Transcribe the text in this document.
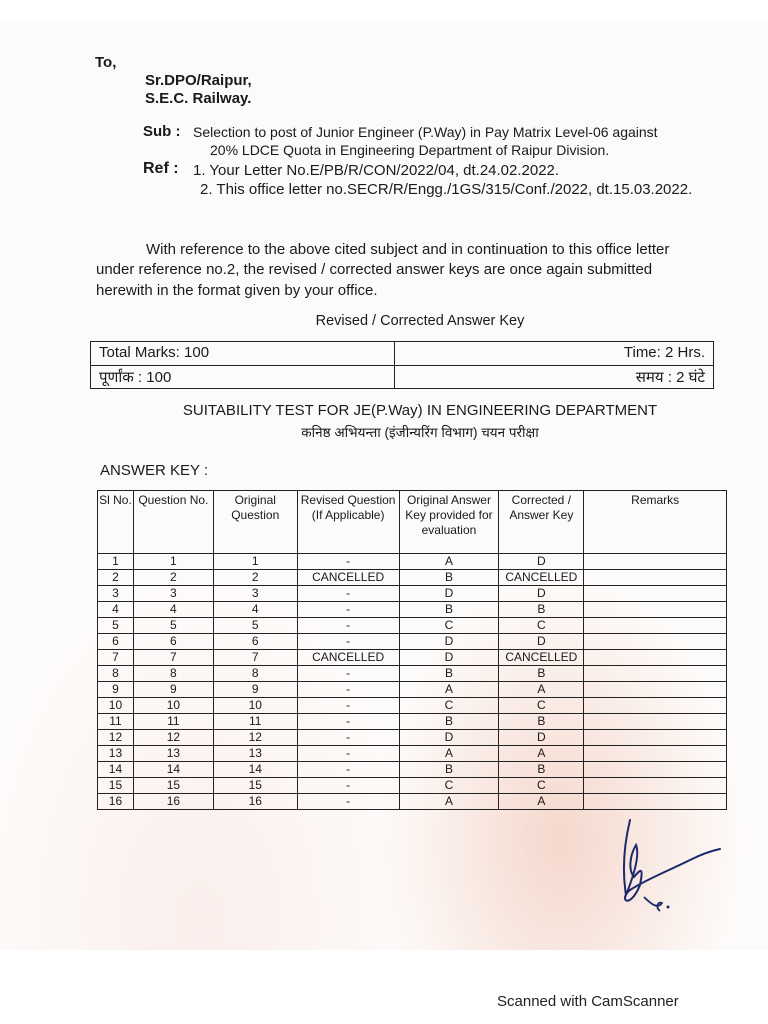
To,
Sr.DPO/Raipur,
S.E.C. Railway.
Sub : Selection to post of Junior Engineer (P.Way) in Pay Matrix Level-06 against
20% LDCE Quota in Engineering Department of Raipur Division.
Ref : 1. Your Letter No.E/PB/R/CON/2022/04, dt.24.02.2022.
2. This office letter no.SECR/R/Engg./1GS/315/Conf./2022, dt.15.03.2022.
With reference to the above cited subject and in continuation to this office letter
under reference no.2, the revised / corrected answer keys are once again submitted
herewith in the format given by your office.
Revised / Corrected Answer Key
Total Marks: 100	Time: 2 Hrs.
पूर्णांक : 100	समय : 2 घंटे
SUITABILITY TEST FOR JE(P.Way) IN ENGINEERING DEPARTMENT
कनिष्ठ अभियन्ता (इंजीन्यरिंग विभाग) चयन परीक्षा
ANSWER KEY :
Sl No.	Question No.	Original Question	Revised Question (If Applicable)	Original Answer Key provided for evaluation	Corrected / Answer Key	Remarks
1	1	1	-	A	D	
2	2	2	CANCELLED	B	CANCELLED	
3	3	3	-	D	D	
4	4	4	-	B	B	
5	5	5	-	C	C	
6	6	6	-	D	D	
7	7	7	CANCELLED	D	CANCELLED	
8	8	8	-	B	B	
9	9	9	-	A	A	
10	10	10	-	C	C	
11	11	11	-	B	B	
12	12	12	-	D	D	
13	13	13	-	A	A	
14	14	14	-	B	B	
15	15	15	-	C	C	
16	16	16	-	A	A	
Scanned with CamScanner
